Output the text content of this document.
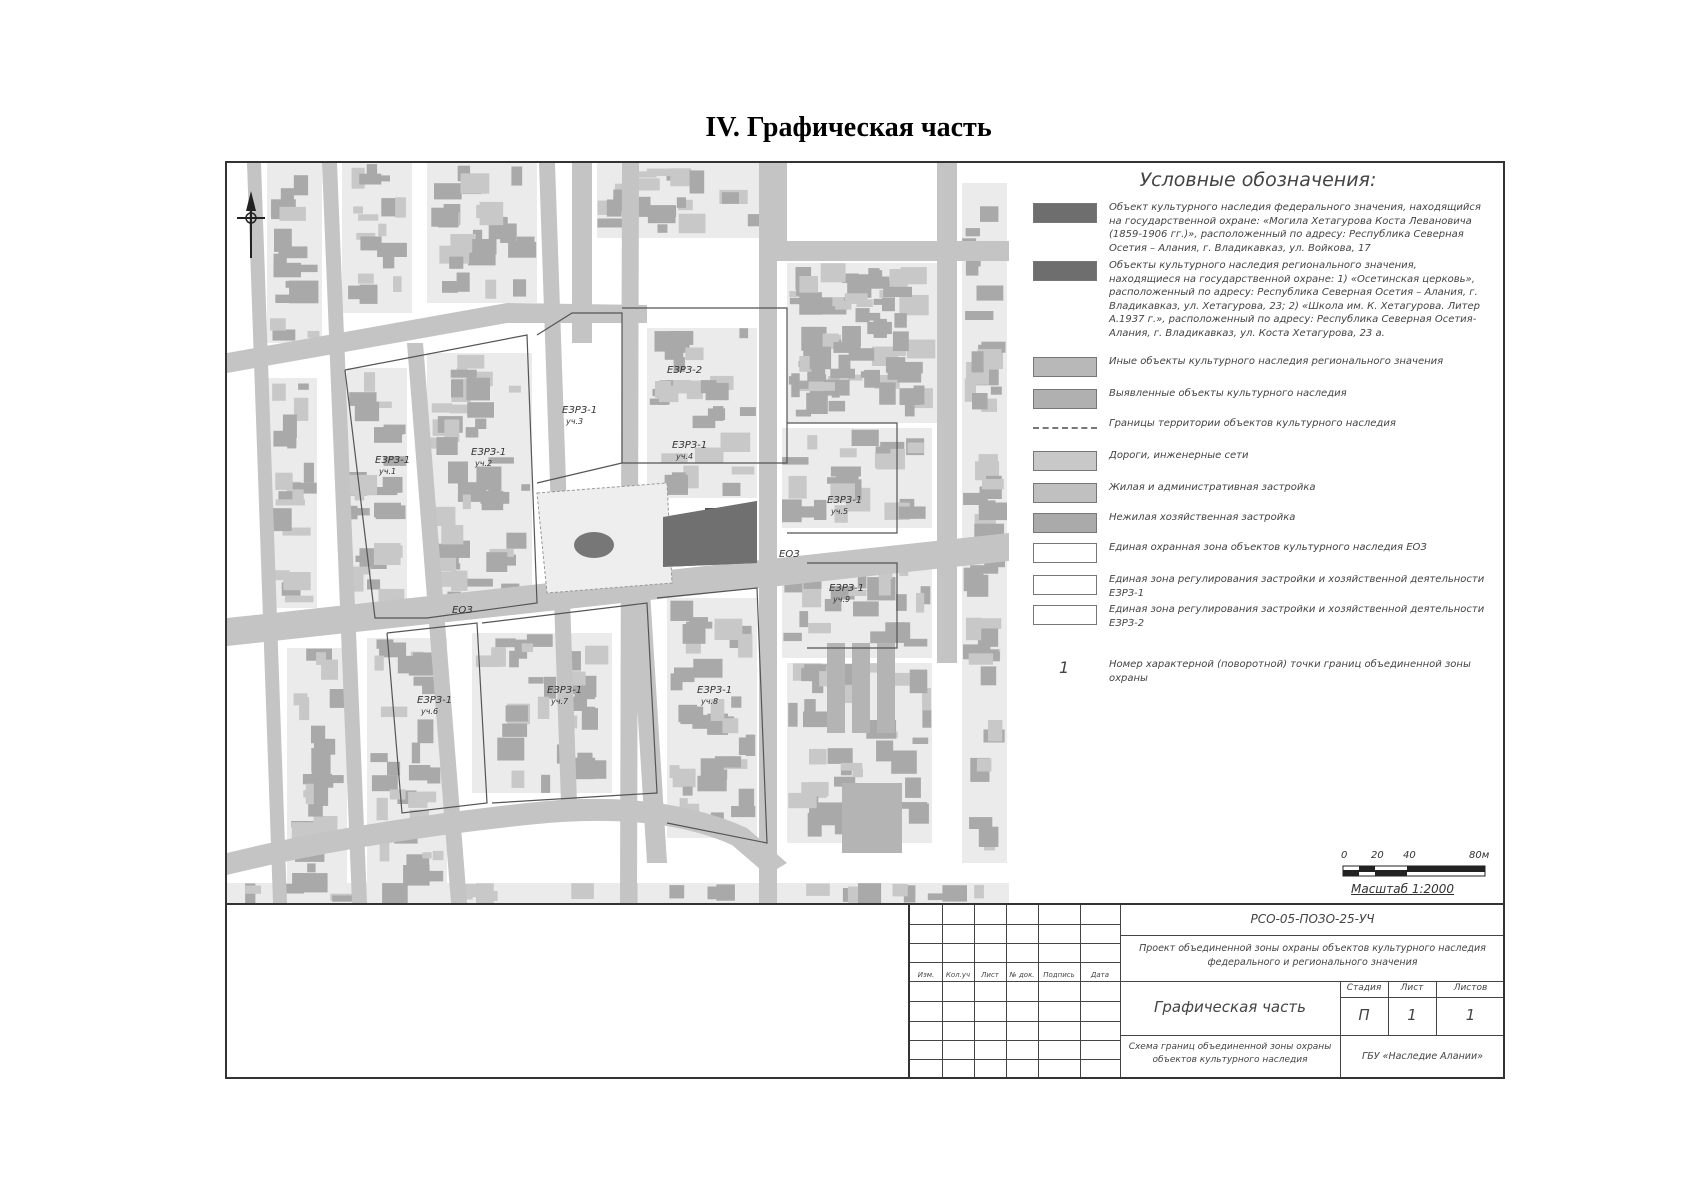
IV. Графическая часть
ЕЗРЗ-1
уч.1
ЕЗРЗ-1
уч.2
ЕЗРЗ-1
уч.3
ЕЗРЗ-2
ЕЗРЗ-1
уч.4
ЕЗРЗ-1
уч.5
ЕЗРЗ-1
уч.9
ЕЗРЗ-1
уч.6
ЕЗРЗ-1
уч.7
ЕЗРЗ-1
уч.8
ЕОЗ
ЕОЗ
Условные обозначения:
Объект культурного наследия федерального значения, находящийся на государственной охране: «Могила Хетагурова Коста Левановича (1859-1906 гг.)», расположенный по адресу: Республика Северная Осетия – Алания, г. Владикавказ, ул. Войкова, 17
Объекты культурного наследия регионального значения, находящиеся на государственной охране: 1) «Осетинская церковь», расположенный по адресу: Республика Северная Осетия – Алания, г. Владикавказ, ул. Хетагурова, 23; 2) «Школа им. К. Хетагурова. Литер А.1937 г.», расположенный по адресу: Республика Северная Осетия-Алания, г. Владикавказ, ул. Коста Хетагурова, 23 а.
Иные объекты культурного наследия регионального значения
Выявленные объекты культурного наследия
Границы территории объектов культурного наследия
Дороги, инженерные сети
Жилая и административная застройка
Нежилая хозяйственная застройка
Единая охранная зона объектов культурного наследия ЕОЗ
Единая зона регулирования застройки и хозяйственной деятельности ЕЗРЗ-1
Единая зона регулирования застройки и хозяйственной деятельности ЕЗРЗ-2
1	Номер характерной (поворотной) точки границ объединенной зоны охраны
0 20 40	80м
Масштаб 1:2000
Изм.	Кол.уч	Лист	№ док.	Подпись	Дата
РСО-05-ПОЗО-25-УЧ
Проект объединенной зоны охраны объектов культурного наследия федерального и регионального значения
Графическая часть
Стадия	Лист	Листов
П	1	1
Схема границ объединенной зоны охраны объектов культурного наследия	ГБУ «Наследие Алании»
